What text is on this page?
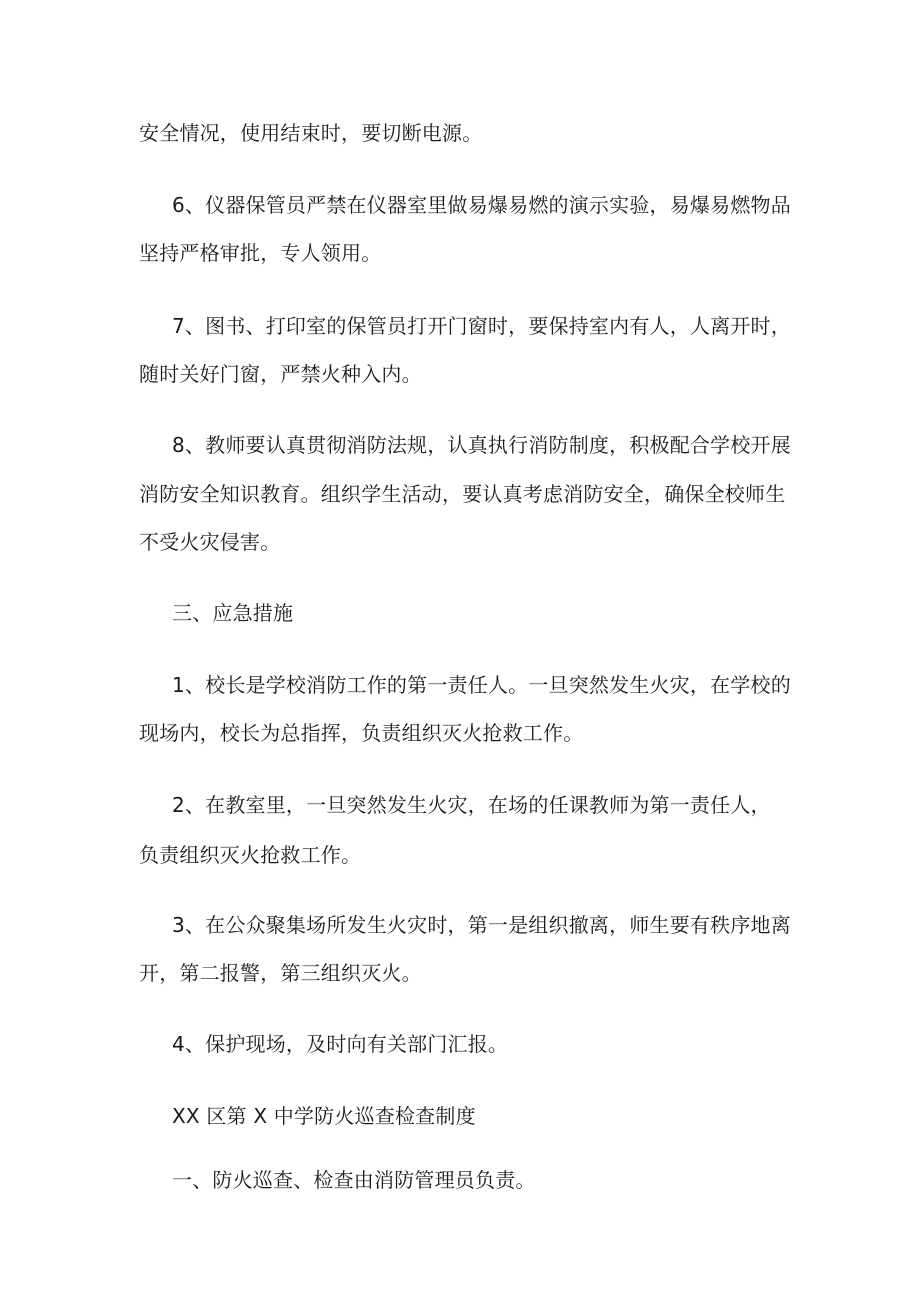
安全情况，使用结束时，要切断电源。
6、仪器保管员严禁在仪器室里做易爆易燃的演示实验，易爆易燃物品
坚持严格审批，专人领用。
7、图书、打印室的保管员打开门窗时，要保持室内有人，人离开时，
随时关好门窗，严禁火种入内。
8、教师要认真贯彻消防法规，认真执行消防制度，积极配合学校开展
消防安全知识教育。组织学生活动，要认真考虑消防安全，确保全校师生
不受火灾侵害。
三、应急措施
1、校长是学校消防工作的第一责任人。一旦突然发生火灾，在学校的
现场内，校长为总指挥，负责组织灭火抢救工作。
2、在教室里，一旦突然发生火灾，在场的任课教师为第一责任人，
负责组织灭火抢救工作。
3、在公众聚集场所发生火灾时，第一是组织撤离，师生要有秩序地离
开，第二报警，第三组织灭火。
4、保护现场，及时向有关部门汇报。
XX 区第 X 中学防火巡查检查制度
一、防火巡查、检查由消防管理员负责。
